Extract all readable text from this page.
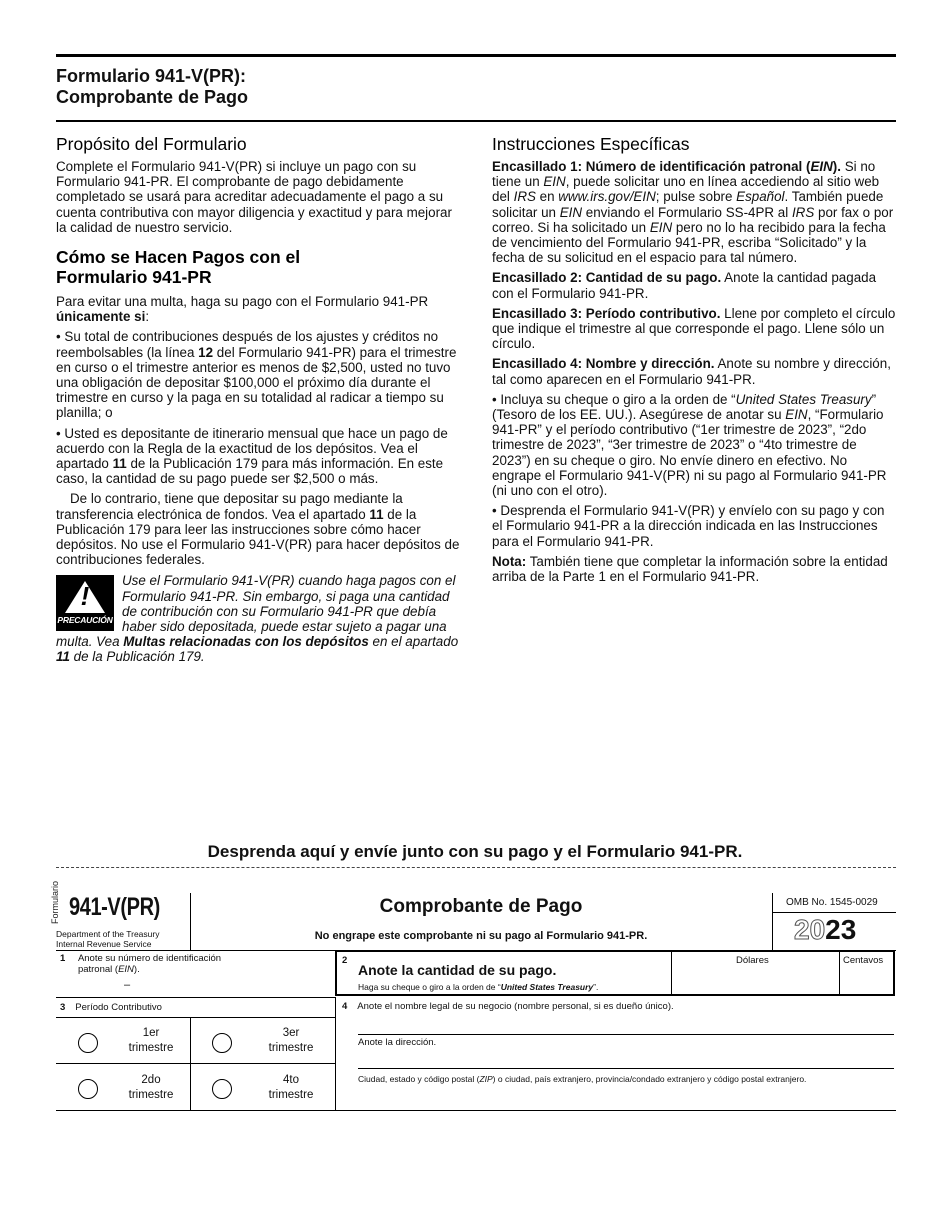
Formulario 941-V(PR):
Comprobante de Pago
Propósito del Formulario

Complete el Formulario 941-V(PR) si incluye un pago con su Formulario 941-PR. El comprobante de pago debidamente completado se usará para acreditar adecuadamente el pago a su cuenta contributiva con mayor diligencia y exactitud y para mejorar la calidad de nuestro servicio.

Cómo se Hacen Pagos con el
Formulario 941-PR

Para evitar una multa, haga su pago con el Formulario 941-PR
únicamente si:

• Su total de contribuciones después de los ajustes y créditos no reembolsables (la línea 12 del Formulario 941-PR) para el trimestre en curso o el trimestre anterior es menos de $2,500, usted no tuvo una obligación de depositar $100,000 el próximo día durante el trimestre en curso y la paga en su totalidad al radicar a tiempo su planilla; o

• Usted es depositante de itinerario mensual que hace un pago de acuerdo con la Regla de la exactitud de los depósitos. Vea el apartado 11 de la Publicación 179 para más información. En este caso, la cantidad de su pago puede ser $2,500 o más.

De lo contrario, tiene que depositar su pago mediante la transferencia electrónica de fondos. Vea el apartado 11 de la Publicación 179 para leer las instrucciones sobre cómo hacer depósitos. No use el Formulario 941-V(PR) para hacer depósitos de contribuciones federales.

!
PRECAUCIÓN
Use el Formulario 941-V(PR) cuando haga pagos con el Formulario 941-PR. Sin embargo, si paga una cantidad de contribución con su Formulario 941-PR que debía haber sido depositada, puede estar sujeto a pagar una multa. Vea Multas relacionadas con los depósitos en el apartado 11 de la Publicación 179.
Instrucciones Específicas

Encasillado 1: Número de identificación patronal (EIN). Si no tiene un EIN, puede solicitar uno en línea accediendo al sitio web del IRS en www.irs.gov/EIN; pulse sobre Español. También puede solicitar un EIN enviando el Formulario SS-4PR al IRS por fax o por correo. Si ha solicitado un EIN pero no lo ha recibido para la fecha de vencimiento del Formulario 941-PR, escriba “Solicitado” y la fecha de su solicitud en el espacio para tal número.

Encasillado 2: Cantidad de su pago. Anote la cantidad pagada con el Formulario 941-PR.

Encasillado 3: Período contributivo. Llene por completo el círculo que indique el trimestre al que corresponde el pago. Llene sólo un círculo.

Encasillado 4: Nombre y dirección. Anote su nombre y dirección, tal como aparecen en el Formulario 941-PR.

• Incluya su cheque o giro a la orden de “United States Treasury” (Tesoro de los EE. UU.). Asegúrese de anotar su EIN, “Formulario 941-PR” y el período contributivo (“1er trimestre de 2023”, “2do trimestre de 2023”, “3er trimestre de 2023” o “4to trimestre de 2023”) en su cheque o giro. No envíe dinero en efectivo. No engrape el Formulario 941-V(PR) ni su pago al Formulario 941-PR (ni uno con el otro).

• Desprenda el Formulario 941-V(PR) y envíelo con su pago y con el Formulario 941-PR a la dirección indicada en las Instrucciones para el Formulario 941-PR.

Nota: También tiene que completar la información sobre la entidad arriba de la Parte 1 en el Formulario 941-PR.

Desprenda aquí y envíe junto con su pago y el Formulario 941-PR.
Formulario 941-V(PR)
Department of the Treasury
Internal Revenue Service
Comprobante de Pago
No engrape este comprobante ni su pago al Formulario 941-PR.
OMB No. 1545-0029
2023
1 Anote su número de identificación patronal (EIN).
–
2
Anote la cantidad de su pago.
Haga su cheque o giro a la orden de “United States Treasury”.
Dólares	Centavos
3 Período Contributivo
1er
trimestre
3er
trimestre
2do
trimestre
4to
trimestre
4 Anote el nombre legal de su negocio (nombre personal, si es dueño único).
Anote la dirección.
Ciudad, estado y código postal (ZIP) o ciudad, país extranjero, provincia/condado extranjero y código postal extranjero.
